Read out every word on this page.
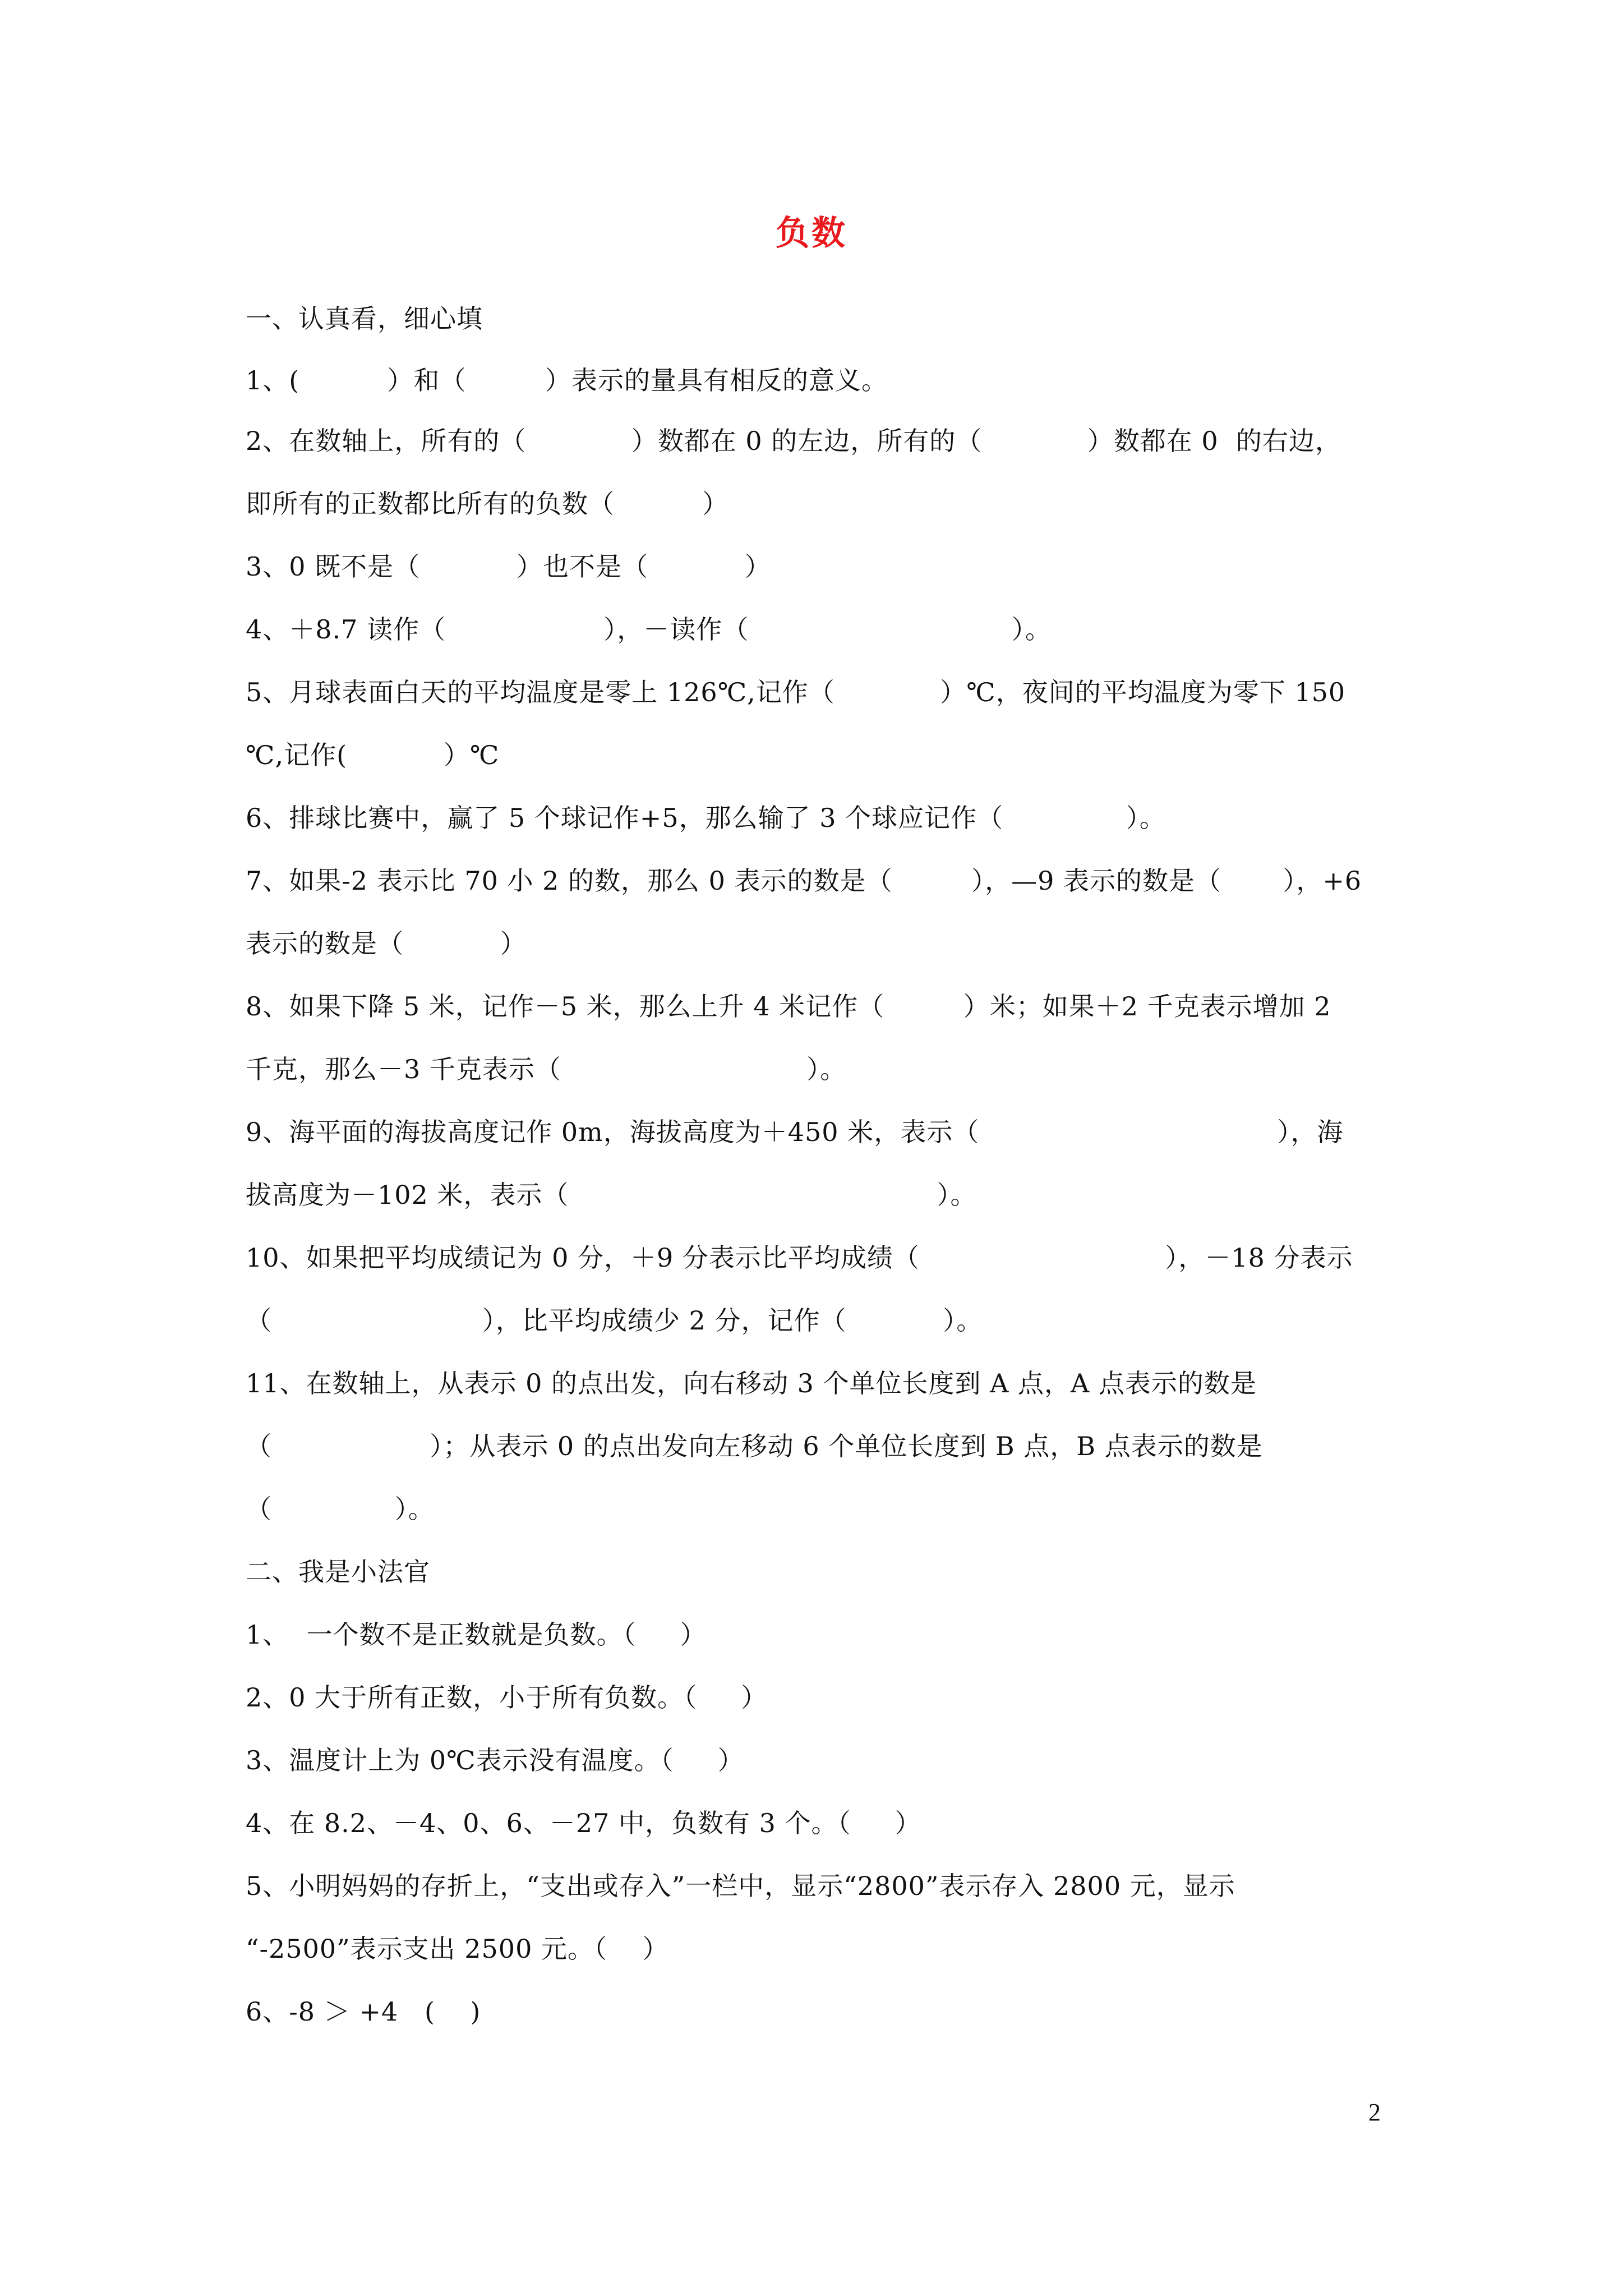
负数
一、认真看，细心填
1、(          ）和（         ）表示的量具有相反的意义。
2、在数轴上，所有的（            ）数都在 0 的左边，所有的（            ）数都在 0  的右边，
即所有的正数都比所有的负数（          ）
3、0 既不是（           ）也不是（           ）
4、＋8.7 读作（                  ），－读作（                              ）。
5、月球表面白天的平均温度是零上 126℃,记作（            ）℃，夜间的平均温度为零下 150
℃,记作(           ）℃
6、排球比赛中，赢了 5 个球记作+5，那么输了 3 个球应记作（              ）。
7、如果-2 表示比 70 小 2 的数，那么 0 表示的数是（         ），—9 表示的数是（       ），+6
表示的数是（           ）
8、如果下降 5 米，记作－5 米，那么上升 4 米记作（         ）米；如果＋2 千克表示增加 2
千克，那么－3 千克表示（                            ）。
9、海平面的海拔高度记作 0m，海拔高度为＋450 米，表示（                                  ），海
拔高度为－102 米，表示（                                          ）。
10、如果把平均成绩记为 0 分，＋9 分表示比平均成绩（                            ），－18 分表示
（                        ），比平均成绩少 2 分，记作（           ）。
11、在数轴上，从表示 0 的点出发，向右移动 3 个单位长度到 A 点，A 点表示的数是
（                  ）；从表示 0 的点出发向左移动 6 个单位长度到 B 点，B 点表示的数是
（              ）。
二、我是小法官
1、  一个数不是正数就是负数。（     ）
2、0 大于所有正数，小于所有负数。（     ）
3、温度计上为 0℃表示没有温度。（     ）
4、在 8.2、－4、0、6、－27 中，负数有 3 个。（     ）
5、小明妈妈的存折上，“支出或存入”一栏中，显示“2800”表示存入 2800 元，显示
“-2500”表示支出 2500 元。（    ）
6、-8 ＞ +4   (    )
2
